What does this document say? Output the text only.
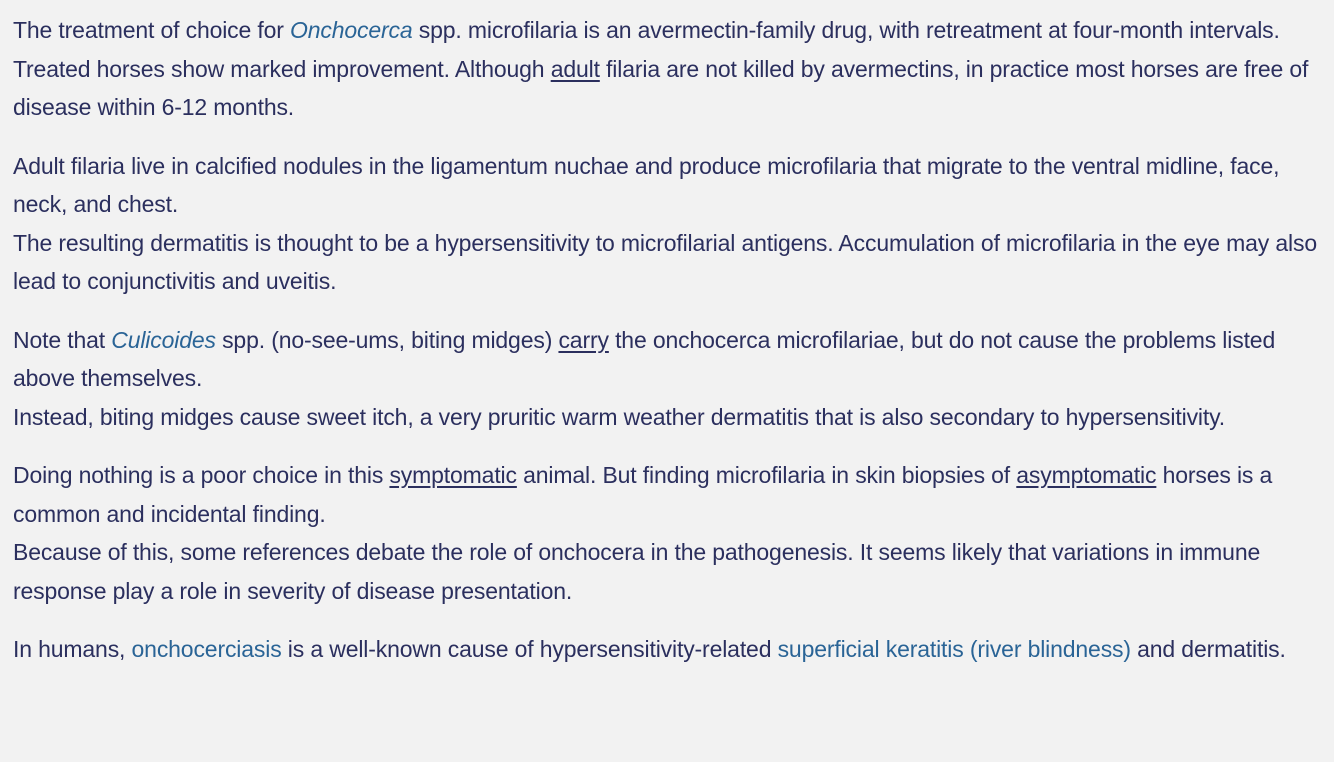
The treatment of choice for Onchocerca spp. microfilaria is an avermectin-family drug, with retreatment at four-month intervals. Treated horses show marked improvement. Although adult filaria are not killed by avermectins, in practice most horses are free of disease within 6-12 months.

Adult filaria live in calcified nodules in the ligamentum nuchae and produce microfilaria that migrate to the ventral midline, face, neck, and chest.
The resulting dermatitis is thought to be a hypersensitivity to microfilarial antigens. Accumulation of microfilaria in the eye may also lead to conjunctivitis and uveitis.

Note that Culicoides spp. (no-see-ums, biting midges) carry the onchocerca microfilariae, but do not cause the problems listed above themselves.
Instead, biting midges cause sweet itch, a very pruritic warm weather dermatitis that is also secondary to hypersensitivity.

Doing nothing is a poor choice in this symptomatic animal. But finding microfilaria in skin biopsies of asymptomatic horses is a common and incidental finding.
Because of this, some references debate the role of onchocera in the pathogenesis. It seems likely that variations in immune response play a role in severity of disease presentation.

In humans, onchocerciasis is a well-known cause of hypersensitivity-related superficial keratitis (river blindness) and dermatitis.
